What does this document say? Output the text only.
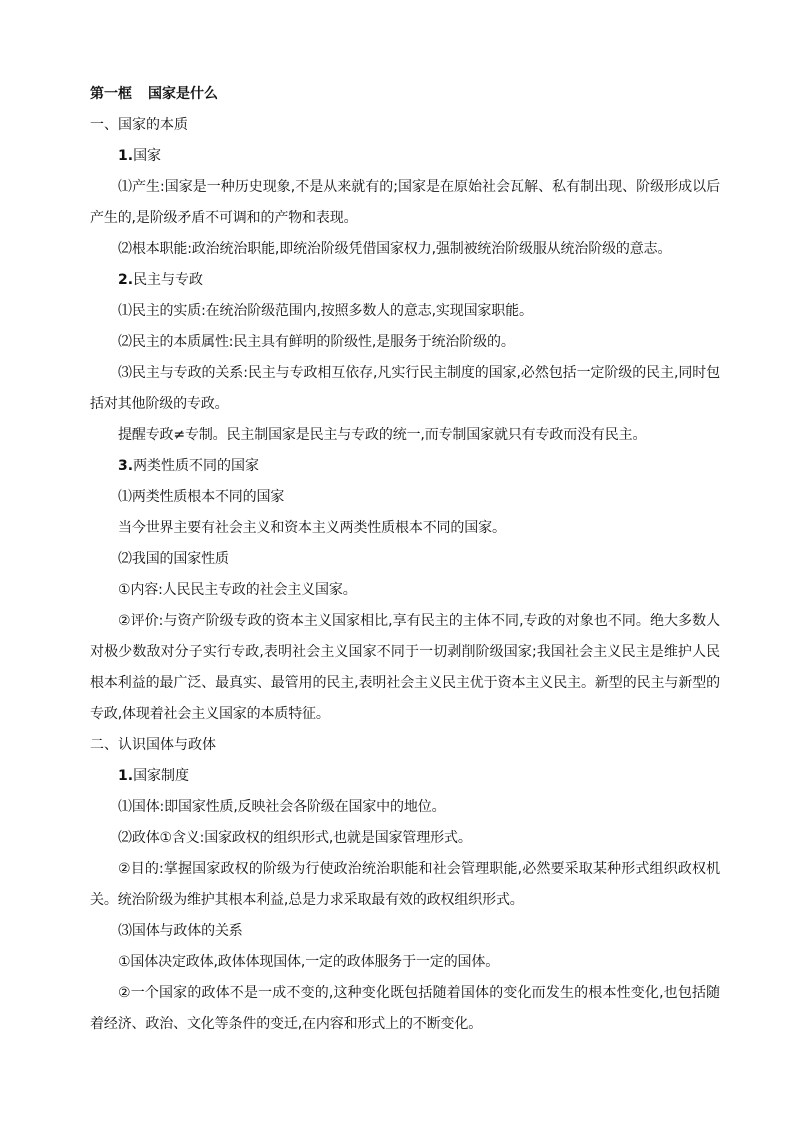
第一框 国家是什么
一、国家的本质
1.国家
⑴产生:国家是一种历史现象,不是从来就有的;国家是在原始社会瓦解、私有制出现、阶级形成以后产生的,是阶级矛盾不可调和的产物和表现。
⑵根本职能:政治统治职能,即统治阶级凭借国家权力,强制被统治阶级服从统治阶级的意志。
2.民主与专政
⑴民主的实质:在统治阶级范围内,按照多数人的意志,实现国家职能。
⑵民主的本质属性:民主具有鲜明的阶级性,是服务于统治阶级的。
⑶民主与专政的关系:民主与专政相互依存,凡实行民主制度的国家,必然包括一定阶级的民主,同时包括对其他阶级的专政。
提醒专政≠专制。民主制国家是民主与专政的统一,而专制国家就只有专政而没有民主。
3.两类性质不同的国家
⑴两类性质根本不同的国家
当今世界主要有社会主义和资本主义两类性质根本不同的国家。
⑵我国的国家性质
①内容:人民民主专政的社会主义国家。
②评价:与资产阶级专政的资本主义国家相比,享有民主的主体不同,专政的对象也不同。绝大多数人对极少数敌对分子实行专政,表明社会主义国家不同于一切剥削阶级国家;我国社会主义民主是维护人民根本利益的最广泛、最真实、最管用的民主,表明社会主义民主优于资本主义民主。新型的民主与新型的专政,体现着社会主义国家的本质特征。
二、认识国体与政体
1.国家制度
⑴国体:即国家性质,反映社会各阶级在国家中的地位。
⑵政体①含义:国家政权的组织形式,也就是国家管理形式。
②目的:掌握国家政权的阶级为行使政治统治职能和社会管理职能,必然要采取某种形式组织政权机关。统治阶级为维护其根本利益,总是力求采取最有效的政权组织形式。
⑶国体与政体的关系
①国体决定政体,政体体现国体,一定的政体服务于一定的国体。
②一个国家的政体不是一成不变的,这种变化既包括随着国体的变化而发生的根本性变化,也包括随着经济、政治、文化等条件的变迁,在内容和形式上的不断变化。
